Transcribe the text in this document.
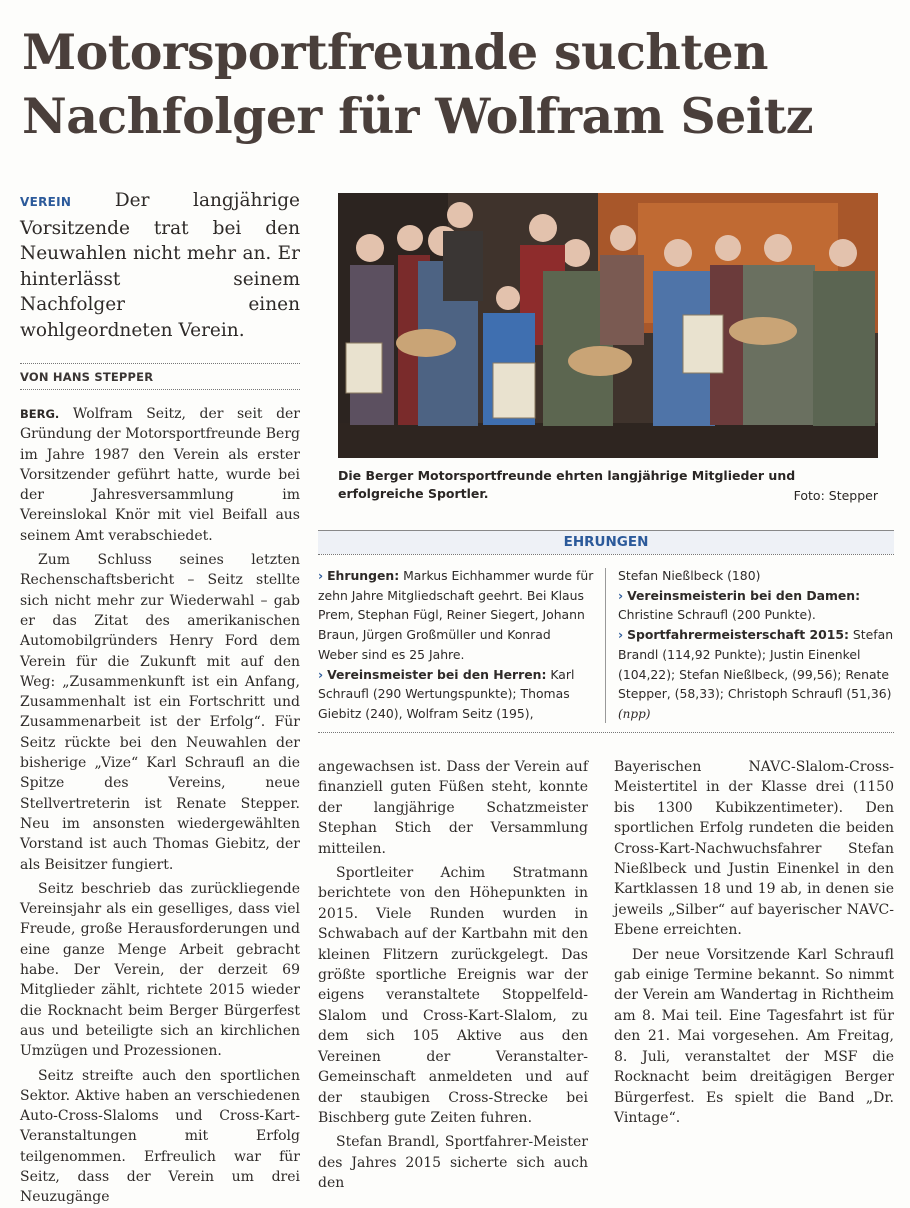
Motorsportfreunde suchten
Nachfolger für Wolfram Seitz
VEREIN Der langjährige Vorsitzende trat bei den Neuwahlen nicht mehr an. Er hinterlässt seinem Nachfolger einen wohlgeordneten Verein.
VON HANS STEPPER

BERG. Wolfram Seitz, der seit der Gründung der Motorsportfreunde Berg im Jahre 1987 den Verein als erster Vorsitzender geführt hatte, wurde bei der Jahresversammlung im Vereinslokal Knör mit viel Beifall aus seinem Amt verabschiedet.

Zum Schluss seines letzten Rechenschaftsbericht – Seitz stellte sich nicht mehr zur Wiederwahl – gab er das Zitat des amerikanischen Automobilgründers Henry Ford dem Verein für die Zukunft mit auf den Weg: „Zusammenkunft ist ein Anfang, Zusammenhalt ist ein Fortschritt und Zusammenarbeit ist der Erfolg“. Für Seitz rückte bei den Neuwahlen der bisherige „Vize“ Karl Schraufl an die Spitze des Vereins, neue Stellvertreterin ist Renate Stepper. Neu im ansonsten wiedergewählten Vorstand ist auch Thomas Giebitz, der als Beisitzer fungiert.

Seitz beschrieb das zurückliegende Vereinsjahr als ein geselliges, dass viel Freude, große Herausforderungen und eine ganze Menge Arbeit gebracht habe. Der Verein, der derzeit 69 Mitglieder zählt, richtete 2015 wieder die Rocknacht beim Berger Bürgerfest aus und beteiligte sich an kirchlichen Umzügen und Prozessionen.

Seitz streifte auch den sportlichen Sektor. Aktive haben an verschiedenen Auto-Cross-Slaloms und Cross-Kart-Veranstaltungen mit Erfolg teilgenommen. Erfreulich war für Seitz, dass der Verein um drei Neuzugänge

Die Berger Motorsportfreunde ehrten langjährige Mitglieder und erfolgreiche Sportler.	Foto: Stepper
EHRUNGEN
› Ehrungen: Markus Eichhammer wurde für zehn Jahre Mitgliedschaft geehrt. Bei Klaus Prem, Stephan Fügl, Reiner Siegert, Johann Braun, Jürgen Großmüller und Konrad Weber sind es 25 Jahre.
› Vereinsmeister bei den Herren: Karl Schraufl (290 Wertungspunkte); Thomas Giebitz (240), Wolfram Seitz (195),
Stefan Nießlbeck (180)
› Vereinsmeisterin bei den Damen: Christine Schraufl (200 Punkte).
› Sportfahrermeisterschaft 2015: Stefan Brandl (114,92 Punkte); Justin Einenkel (104,22); Stefan Nießlbeck, (99,56); Renate Stepper, (58,33); Christoph Schraufl (51,36) (npp)

angewachsen ist. Dass der Verein auf finanziell guten Füßen steht, konnte der langjährige Schatzmeister Stephan Stich der Versammlung mitteilen.

Sportleiter Achim Stratmann berichtete von den Höhepunkten in 2015. Viele Runden wurden in Schwabach auf der Kartbahn mit den kleinen Flitzern zurückgelegt. Das größte sportliche Ereignis war der eigens veranstaltete Stoppelfeld-Slalom und Cross-Kart-Slalom, zu dem sich 105 Aktive aus den Vereinen der Veranstalter-Gemeinschaft anmeldeten und auf der staubigen Cross-Strecke bei Bischberg gute Zeiten fuhren.

Stefan Brandl, Sportfahrer-Meister des Jahres 2015 sicherte sich auch den

Bayerischen NAVC-Slalom-Cross-Meistertitel in der Klasse drei (1150 bis 1300 Kubikzentimeter). Den sportlichen Erfolg rundeten die beiden Cross-Kart-Nachwuchsfahrer Stefan Nießlbeck und Justin Einenkel in den Kartklassen 18 und 19 ab, in denen sie jeweils „Silber“ auf bayerischer NAVC-Ebene erreichten.

Der neue Vorsitzende Karl Schraufl gab einige Termine bekannt. So nimmt der Verein am Wandertag in Richtheim am 8. Mai teil. Eine Tagesfahrt ist für den 21. Mai vorgesehen. Am Freitag, 8. Juli, veranstaltet der MSF die Rocknacht beim dreitägigen Berger Bürgerfest. Es spielt die Band „Dr. Vintage“.
